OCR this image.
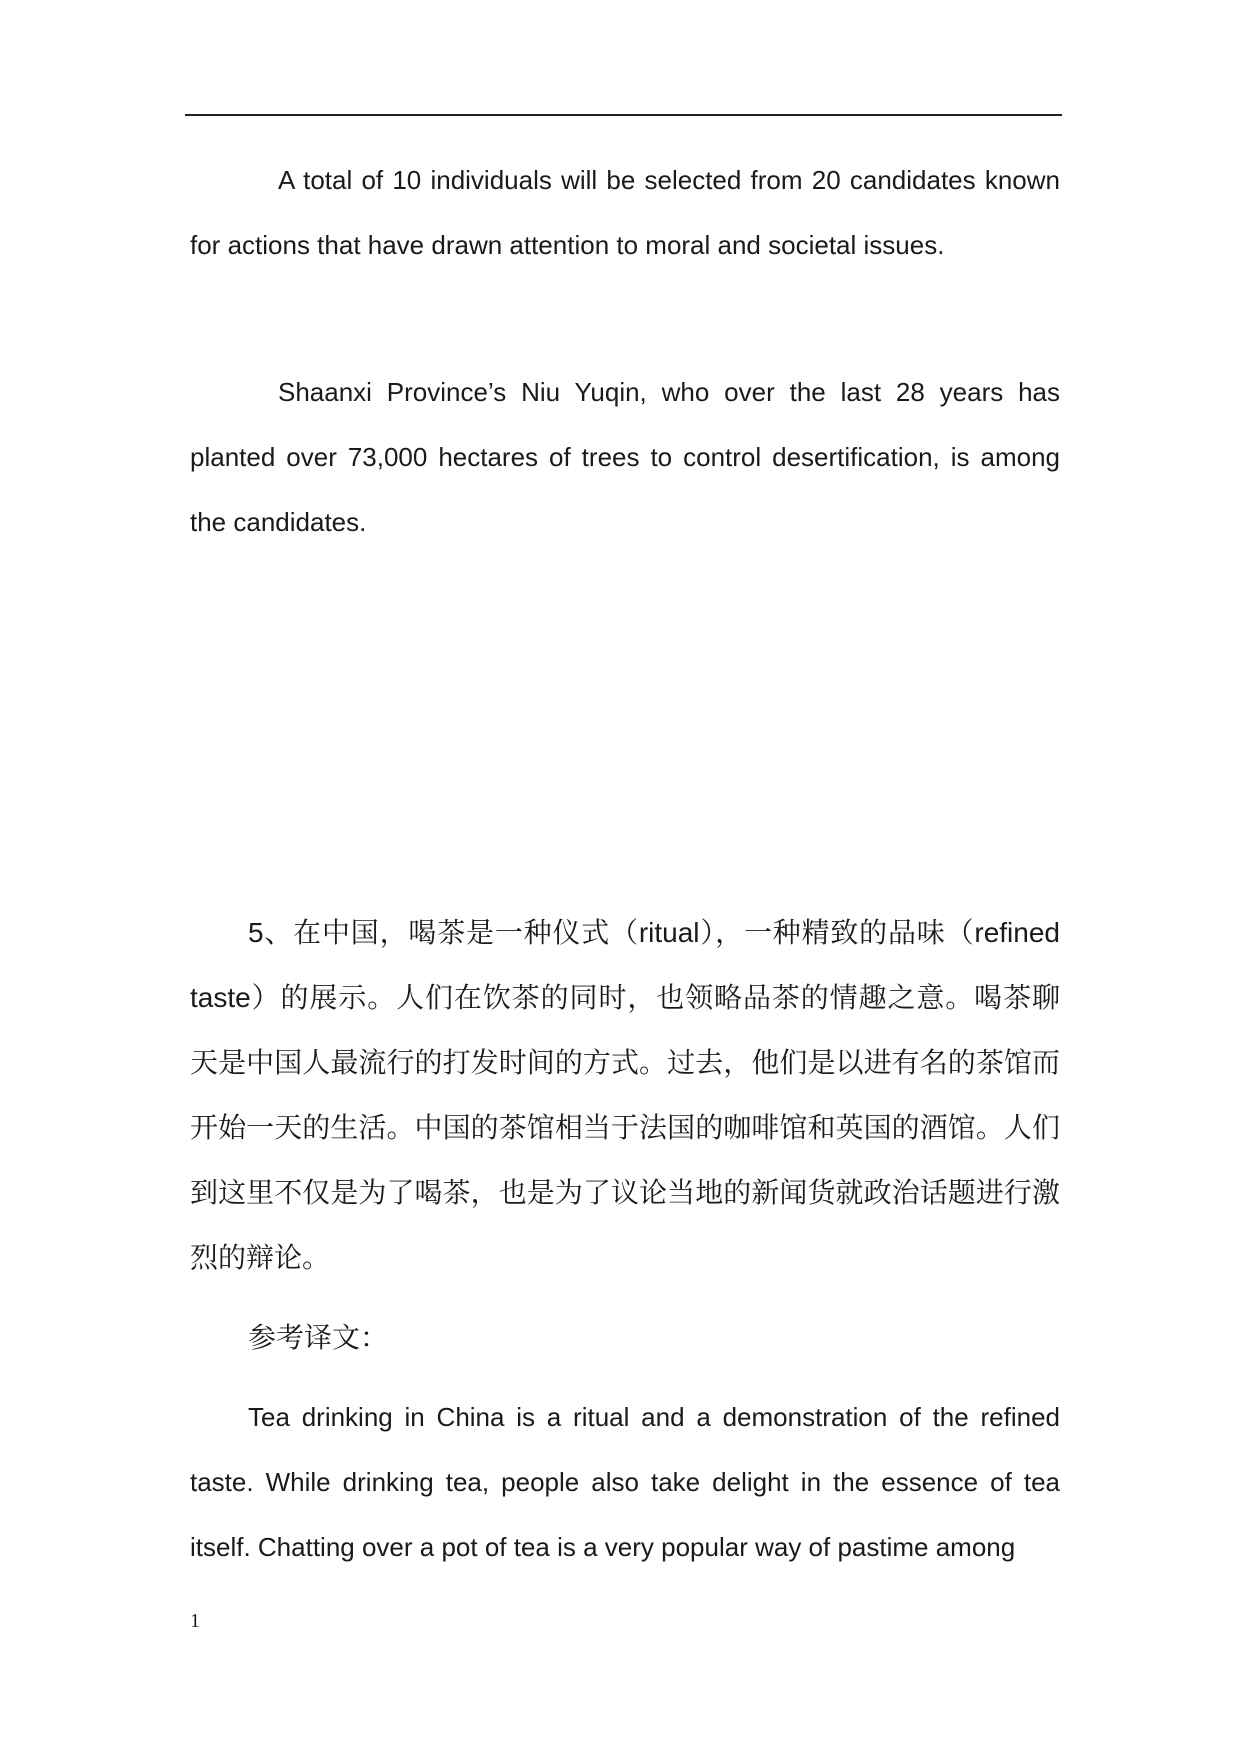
A total of 10 individuals will be selected from 20 candidates known for actions that have drawn attention to moral and societal issues.

Shaanxi Province’s Niu Yuqin, who over the last 28 years has planted over 73,000 hectares of trees to control desertification, is among the candidates.

5、在中国，喝茶是一种仪式（ritual），一种精致的品味（refined taste）的展示。人们在饮茶的同时，也领略品茶的情趣之意。喝茶聊天是中国人最流行的打发时间的方式。过去，他们是以进有名的茶馆而开始一天的生活。中国的茶馆相当于法国的咖啡馆和英国的酒馆。人们到这里不仅是为了喝茶，也是为了议论当地的新闻货就政治话题进行激烈的辩论。

参考译文：

Tea drinking in China is a ritual and a demonstration of the refined taste. While drinking tea, people also take delight in the essence of tea itself. Chatting over a pot of tea is a very popular way of pastime among

1
